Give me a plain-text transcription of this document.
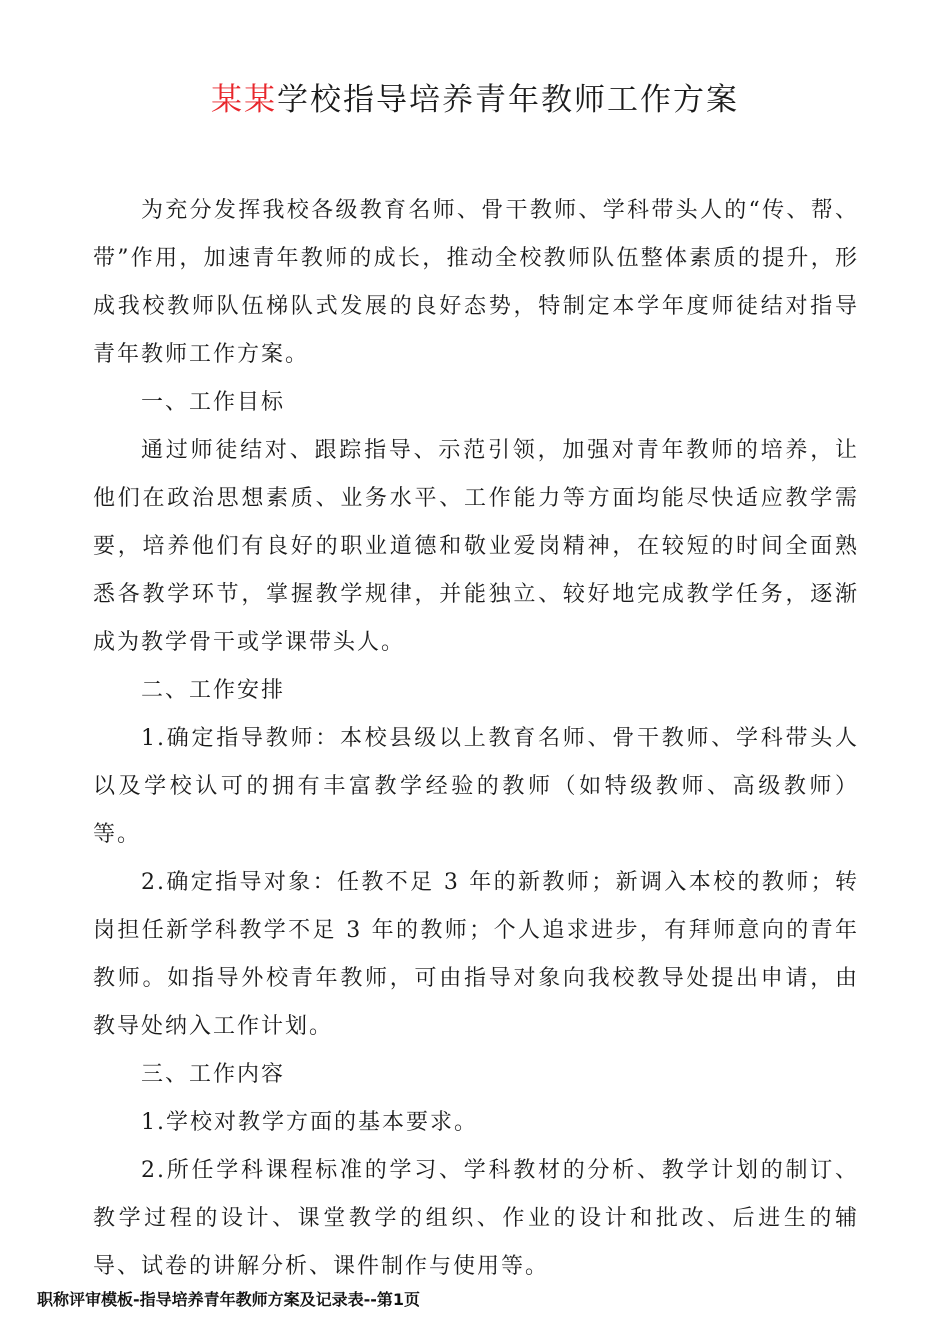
某某学校指导培养青年教师工作方案

为充分发挥我校各级教育名师、骨干教师、学科带头人的“传、帮、带”作用，加速青年教师的成长，推动全校教师队伍整体素质的提升，形成我校教师队伍梯队式发展的良好态势，特制定本学年度师徒结对指导青年教师工作方案。

一、工作目标

通过师徒结对、跟踪指导、示范引领，加强对青年教师的培养，让他们在政治思想素质、业务水平、工作能力等方面均能尽快适应教学需要，培养他们有良好的职业道德和敬业爱岗精神，在较短的时间全面熟悉各教学环节，掌握教学规律，并能独立、较好地完成教学任务，逐渐成为教学骨干或学课带头人。

二、工作安排

1.确定指导教师：本校县级以上教育名师、骨干教师、学科带头人以及学校认可的拥有丰富教学经验的教师（如特级教师、高级教师）等。

2.确定指导对象：任教不足 3 年的新教师；新调入本校的教师；转岗担任新学科教学不足 3 年的教师；个人追求进步，有拜师意向的青年教师。如指导外校青年教师，可由指导对象向我校教导处提出申请，由教导处纳入工作计划。

三、工作内容

1.学校对教学方面的基本要求。

2.所任学科课程标准的学习、学科教材的分析、教学计划的制订、教学过程的设计、课堂教学的组织、作业的设计和批改、后进生的辅导、试卷的讲解分析、课件制作与使用等。

职称评审模板-指导培养青年教师方案及记录表--第1页
